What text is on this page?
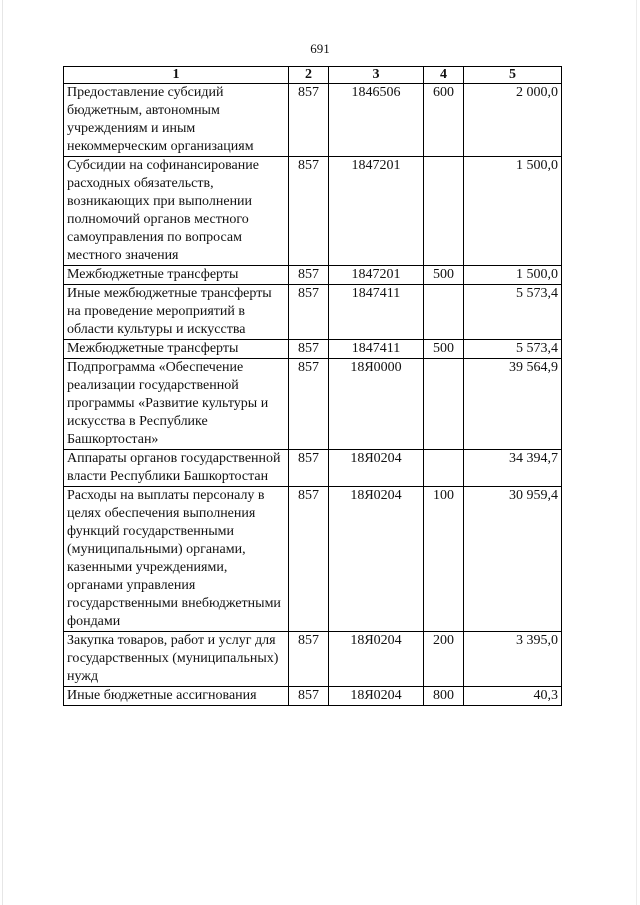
691
1	2	3	4	5
Предоставление субсидий бюджетным, автономным учреждениям и иным некоммерческим организациям	857	1846506	600	2 000,0
Субсидии на софинансирование расходных обязательств, возникающих при выполнении полномочий органов местного самоуправления по вопросам местного значения	857	1847201		1 500,0
Межбюджетные трансферты	857	1847201	500	1 500,0
Иные межбюджетные трансферты на проведение мероприятий в области культуры и искусства	857	1847411		5 573,4
Межбюджетные трансферты	857	1847411	500	5 573,4
Подпрограмма «Обеспечение реализации государственной программы «Развитие культуры и искусства в Республике Башкортостан»	857	18Я0000		39 564,9
Аппараты органов государственной власти Республики Башкортостан	857	18Я0204		34 394,7
Расходы на выплаты персоналу в целях обеспечения выполнения функций государственными (муниципальными) органами, казенными учреждениями, органами управления государственными внебюджетными фондами	857	18Я0204	100	30 959,4
Закупка товаров, работ и услуг для государственных (муниципальных) нужд	857	18Я0204	200	3 395,0
Иные бюджетные ассигнования	857	18Я0204	800	40,3
